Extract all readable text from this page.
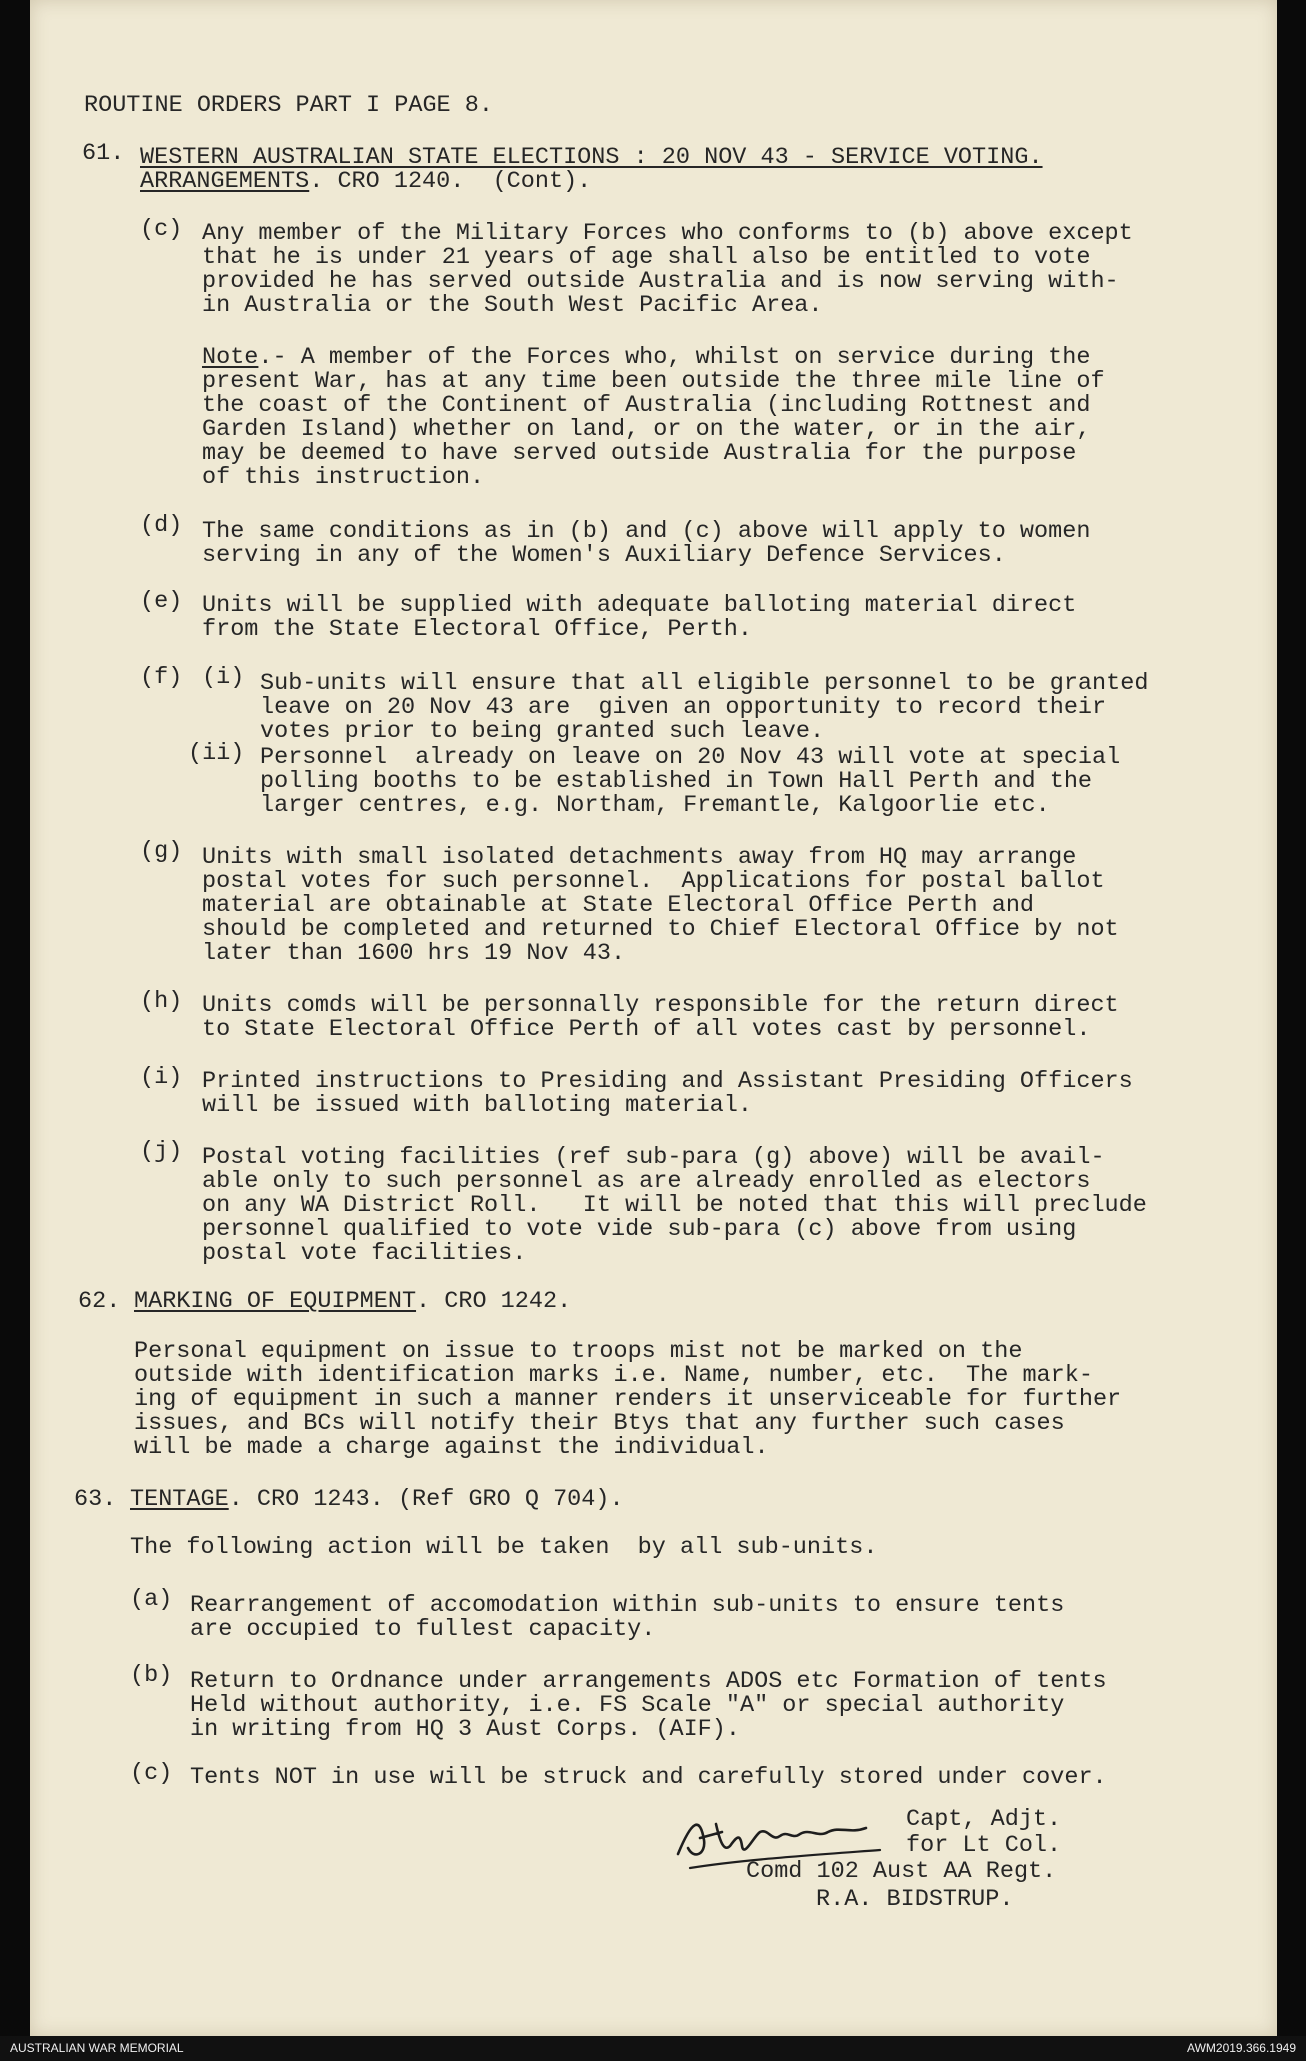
ROUTINE ORDERS PART I PAGE 8.
61. WESTERN AUSTRALIAN STATE ELECTIONS : 20 NOV 43 - SERVICE VOTING.
ARRANGEMENTS. CRO 1240.  (Cont).
(c) Any member of the Military Forces who conforms to (b) above except
that he is under 21 years of age shall also be entitled to vote
provided he has served outside Australia and is now serving with-
in Australia or the South West Pacific Area.
Note.- A member of the Forces who, whilst on service during the
present War, has at any time been outside the three mile line of
the coast of the Continent of Australia (including Rottnest and
Garden Island) whether on land, or on the water, or in the air,
may be deemed to have served outside Australia for the purpose
of this instruction.
(d) The same conditions as in (b) and (c) above will apply to women
serving in any of the Women's Auxiliary Defence Services.
(e) Units will be supplied with adequate balloting material direct
from the State Electoral Office, Perth.
(f) (i) Sub-units will ensure that all eligible personnel to be granted
leave on 20 Nov 43 are  given an opportunity to record their
votes prior to being granted such leave.
(ii) Personnel  already on leave on 20 Nov 43 will vote at special
polling booths to be established in Town Hall Perth and the
larger centres, e.g. Northam, Fremantle, Kalgoorlie etc.
(g) Units with small isolated detachments away from HQ may arrange
postal votes for such personnel.  Applications for postal ballot
material are obtainable at State Electoral Office Perth and
should be completed and returned to Chief Electoral Office by not
later than 1600 hrs 19 Nov 43.
(h) Units comds will be personnally responsible for the return direct
to State Electoral Office Perth of all votes cast by personnel.
(i) Printed instructions to Presiding and Assistant Presiding Officers
will be issued with balloting material.
(j) Postal voting facilities (ref sub-para (g) above) will be avail-
able only to such personnel as are already enrolled as electors
on any WA District Roll.   It will be noted that this will preclude
personnel qualified to vote vide sub-para (c) above from using
postal vote facilities.
62. MARKING OF EQUIPMENT. CRO 1242.
Personal equipment on issue to troops mist not be marked on the
outside with identification marks i.e. Name, number, etc.  The mark-
ing of equipment in such a manner renders it unserviceable for further
issues, and BCs will notify their Btys that any further such cases
will be made a charge against the individual.
63. TENTAGE. CRO 1243. (Ref GRO Q 704).
The following action will be taken  by all sub-units.
(a) Rearrangement of accomodation within sub-units to ensure tents
are occupied to fullest capacity.
(b) Return to Ordnance under arrangements ADOS etc Formation of tents
Held without authority, i.e. FS Scale "A" or special authority
in writing from HQ 3 Aust Corps. (AIF).
(c) Tents NOT in use will be struck and carefully stored under cover.
Capt, Adjt.
for Lt Col.
Comd 102 Aust AA Regt.
R.A. BIDSTRUP.
AUSTRALIAN WAR MEMORIAL	AWM2019.366.1949
